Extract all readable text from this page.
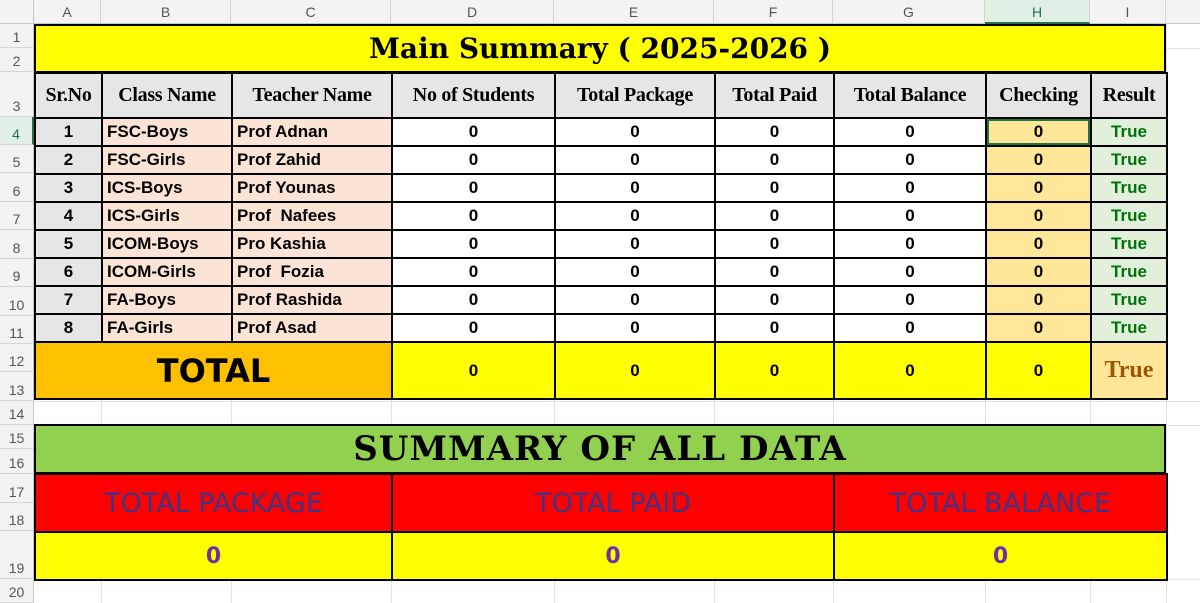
A	B	C	D	E	F	G	H	I
1
2
3
4
5
6
7
8
9
10
11
12
13
14
15
16
17
18
19
20
Main Summary ( 2025-2026 )
Sr.No	Class Name	Teacher Name	No of Students	Total Package	Total Paid	Total Balance	Checking	Result
1	FSC-Boys	Prof Adnan	0	0	0	0	0	True
2	FSC-Girls	Prof Zahid	0	0	0	0	0	True
3	ICS-Boys	Prof Younas	0	0	0	0	0	True
4	ICS-Girls	Prof  Nafees	0	0	0	0	0	True
5	ICOM-Boys	Pro Kashia	0	0	0	0	0	True
6	ICOM-Girls	Prof  Fozia	0	0	0	0	0	True
7	FA-Boys	Prof Rashida	0	0	0	0	0	True
8	FA-Girls	Prof Asad	0	0	0	0	0	True
TOTAL			0	0	0	0	0	True
SUMMARY OF ALL DATA
TOTAL PACKAGE	TOTAL PAID	TOTAL BALANCE
0	0	0
